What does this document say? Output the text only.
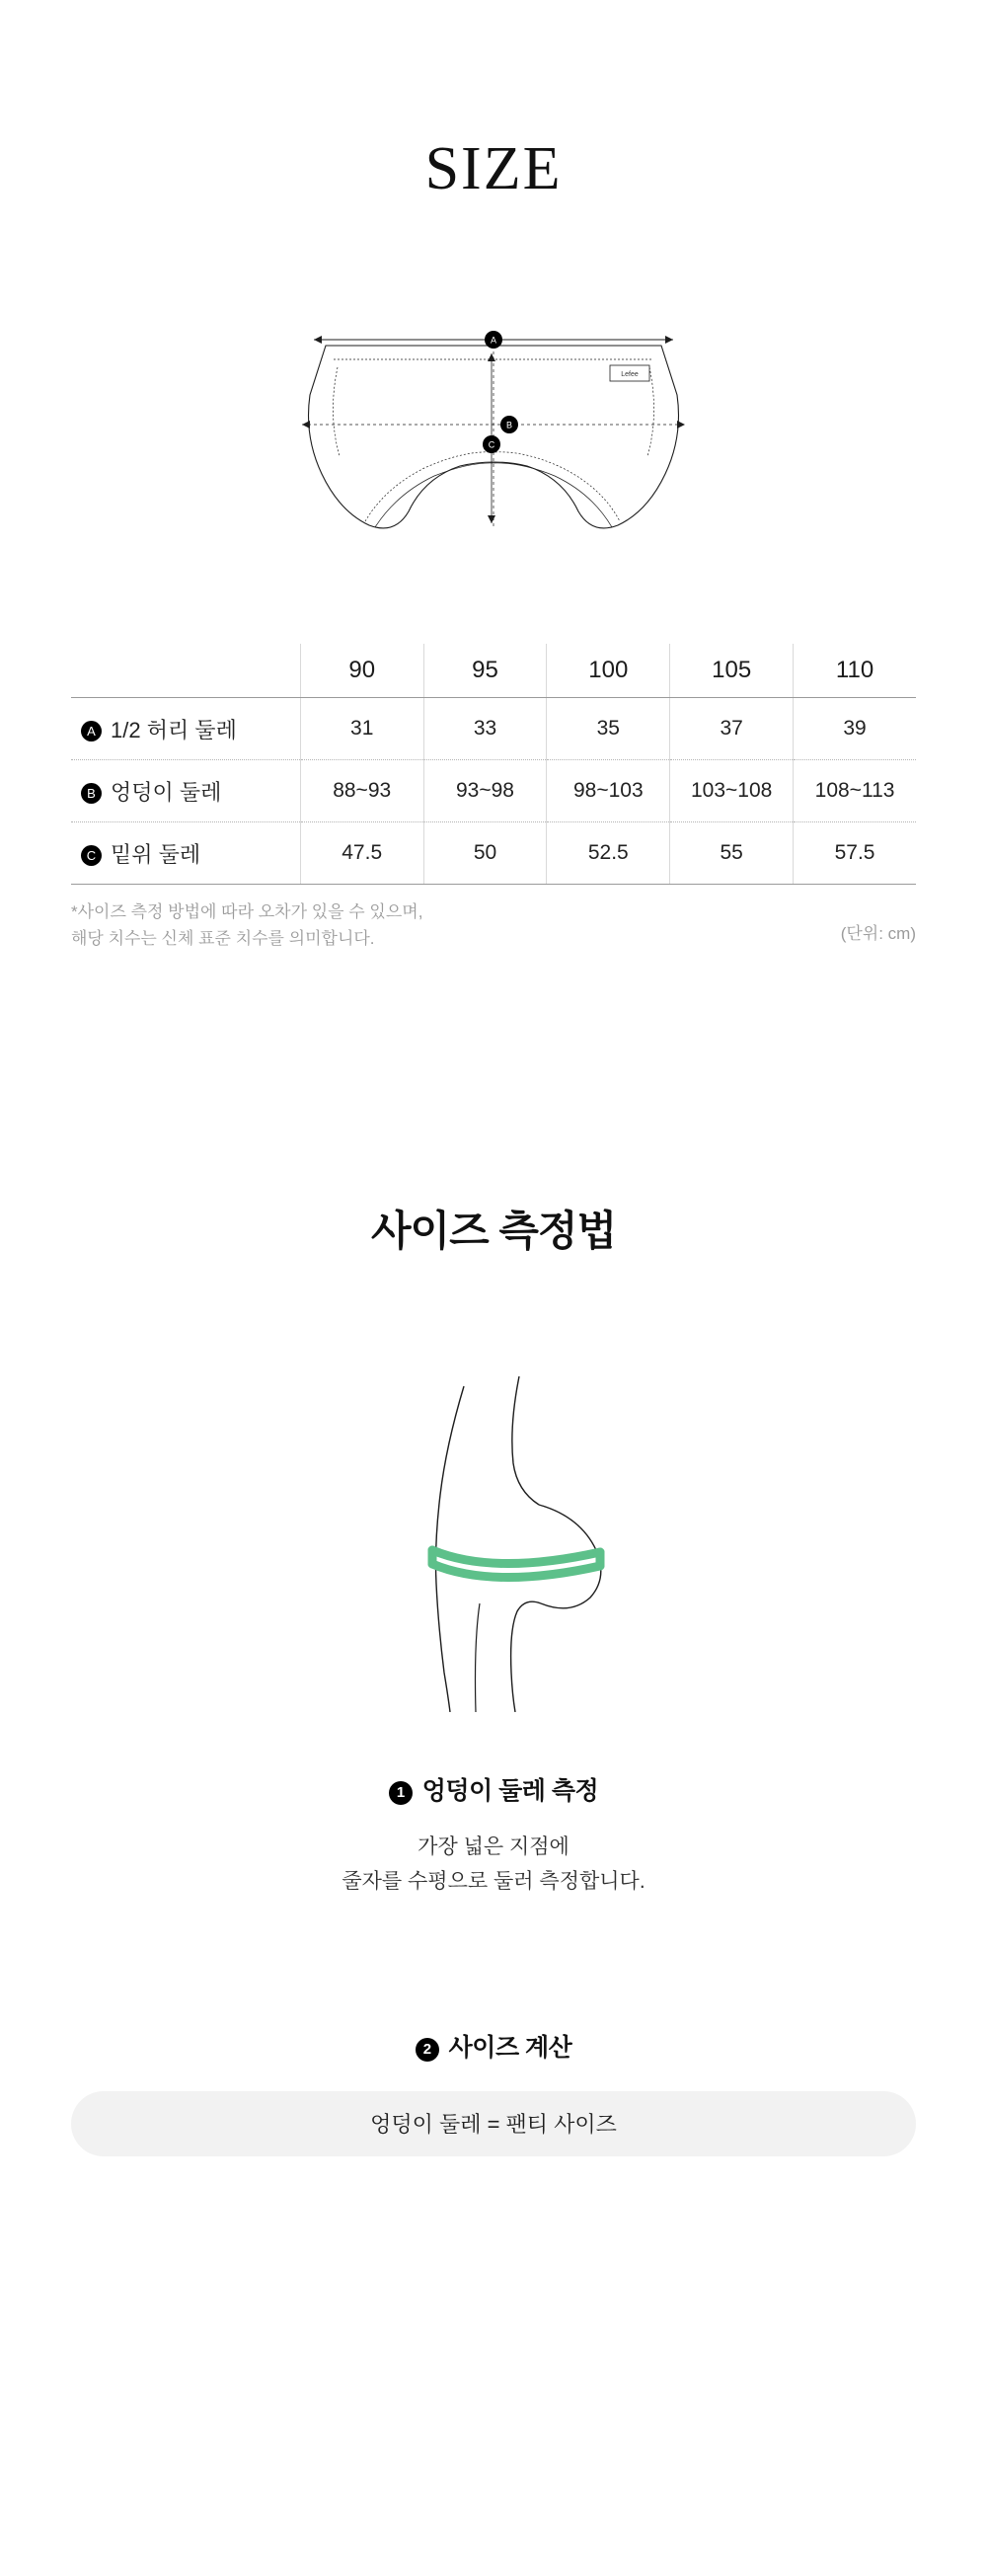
SIZE
Lefee
A
B
C
	90	95	100	105	110
A 1/2 허리 둘레	31	33	35	37	39
B 엉덩이 둘레	88~93	93~98	98~103	103~108	108~113
C 밑위 둘레	47.5	50	52.5	55	57.5
*사이즈 측정 방법에 따라 오차가 있을 수 있으며,
해당 치수는 신체 표준 치수를 의미합니다.	(단위: cm)
사이즈 측정법
1 엉덩이 둘레 측정
가장 넓은 지점에
줄자를 수평으로 둘러 측정합니다.
2 사이즈 계산
엉덩이 둘레 = 팬티 사이즈
